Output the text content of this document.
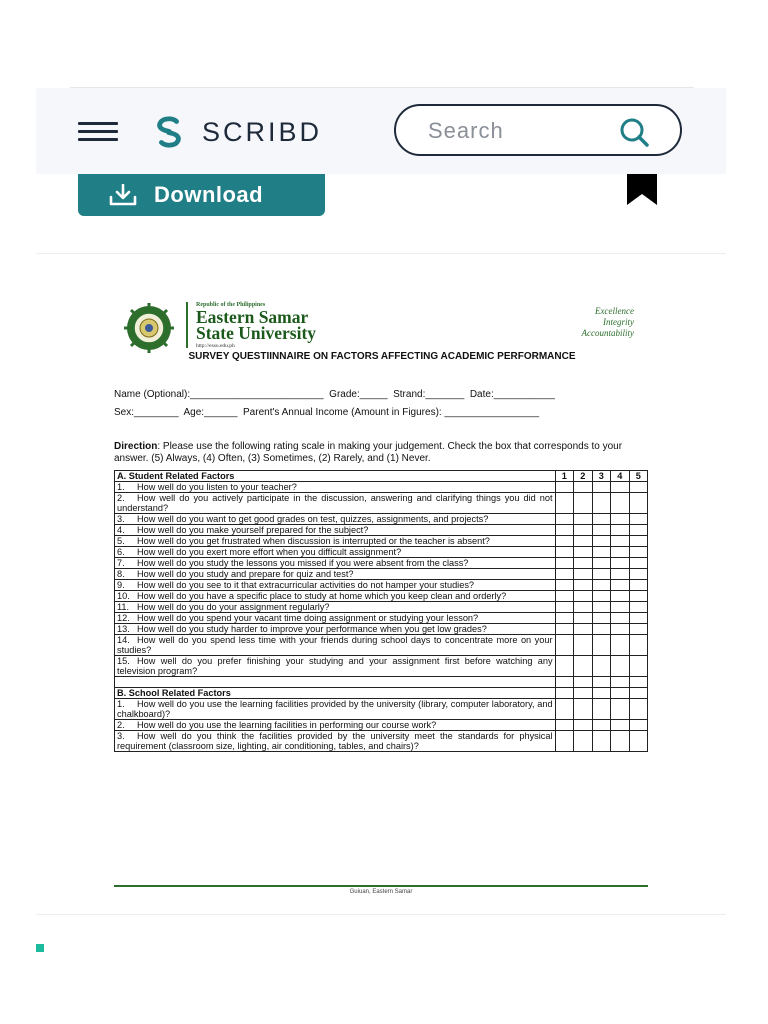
SCRIBD
Search
Download
Republic of the Philippines
Eastern Samar
State University
http://essu.edu.ph
Excellence
Integrity
Accountability
SURVEY QUESTIINNAIRE ON FACTORS AFFECTING ACADEMIC PERFORMANCE
Name (Optional):________________________  Grade:_____  Strand:_______  Date:___________
Sex:________  Age:______  Parent's Annual Income (Amount in Figures): _________________
Direction: Please use the following rating scale in making your judgement. Check the box that corresponds to your answer. (5) Always, (4) Often, (3) Sometimes, (2) Rarely, and (1) Never.
A. Student Related Factors	1	2	3	4	5
1. How well do you listen to your teacher?					
2. How well do you actively participate in the discussion, answering and clarifying things you did not understand?					
3. How well do you want to get good grades on test, quizzes, assignments, and projects?					
4. How well do you make yourself prepared for the subject?					
5. How well do you get frustrated when discussion is interrupted or the teacher is absent?					
6. How well do you exert more effort when you difficult assignment?					
7. How well do you study the lessons you missed if you were absent from the class?					
8. How well do you study and prepare for quiz and test?					
9. How well do you see to it that extracurricular activities do not hamper your studies?					
10. How well do you have a specific place to study at home which you keep clean and orderly?					
11. How well do you do your assignment regularly?					
12. How well do you spend your vacant time doing assignment or studying your lesson?					
13. How well do you study harder to improve your performance when you get low grades?					
14. How well do you spend less time with your friends during school days to concentrate more on your studies?					
15. How well do you prefer finishing your studying and your assignment first before watching any television program?					

B. School Related Factors					
1. How well do you use the learning facilities provided by the university (library, computer laboratory, and chalkboard)?					
2. How well do you use the learning facilities in performing our course work?					
3. How well do you think the facilities provided by the university meet the standards for physical requirement (classroom size, lighting, air conditioning, tables, and chairs)?					
Guiuan, Eastern Samar
